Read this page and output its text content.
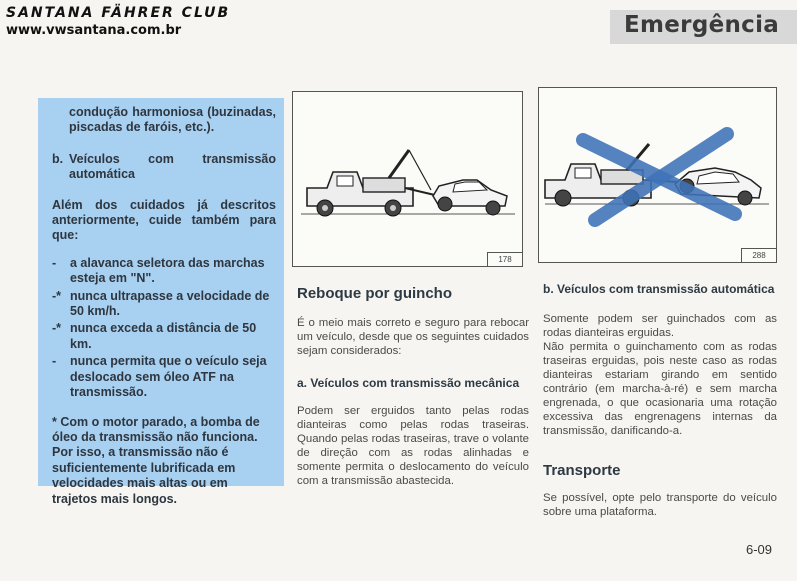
SANTANA FÄHRER CLUB
www.vwsantana.com.br	Emergência

condução harmoniosa (buzinadas, piscadas de faróis, etc.).

b. Veículos com transmissão automática

Além dos cuidados já descritos anteriormente, cuide também para que:

-	a alavanca seletora das marchas esteja em "N".
-* nunca ultrapasse a velocidade de 50 km/h.
-* nunca exceda a distância de 50 km.
-	nunca permita que o veículo seja deslocado sem óleo ATF na transmissão.

* Com o motor parado, a bomba de óleo da transmissão não funciona. Por isso, a transmissão não é suficientemente lubrificada em velocidades mais altas ou em trajetos mais longos.

178	288
Reboque por guincho

É o meio mais correto e seguro para rebocar um veículo, desde que os seguintes cuidados sejam considerados:

a. Veículos com transmissão mecânica

Podem ser erguidos tanto pelas rodas dianteiras como pelas rodas traseiras. Quando pelas rodas traseiras, trave o volante de direção com as rodas alinhadas e somente permita o deslocamento do veículo com a transmissão abastecida.

b. Veículos com transmissão automática

Somente podem ser guinchados com as rodas dianteiras erguidas.

Não permita o guinchamento com as rodas traseiras erguidas, pois neste caso as rodas dianteiras estariam girando em sentido contrário (em marcha-à-ré) e sem marcha engrenada, o que ocasionaria uma rotação excessiva das engrenagens internas da transmissão, danificando-a.

Transporte

Se possível, opte pelo transporte do veículo sobre uma plataforma.

6-09
